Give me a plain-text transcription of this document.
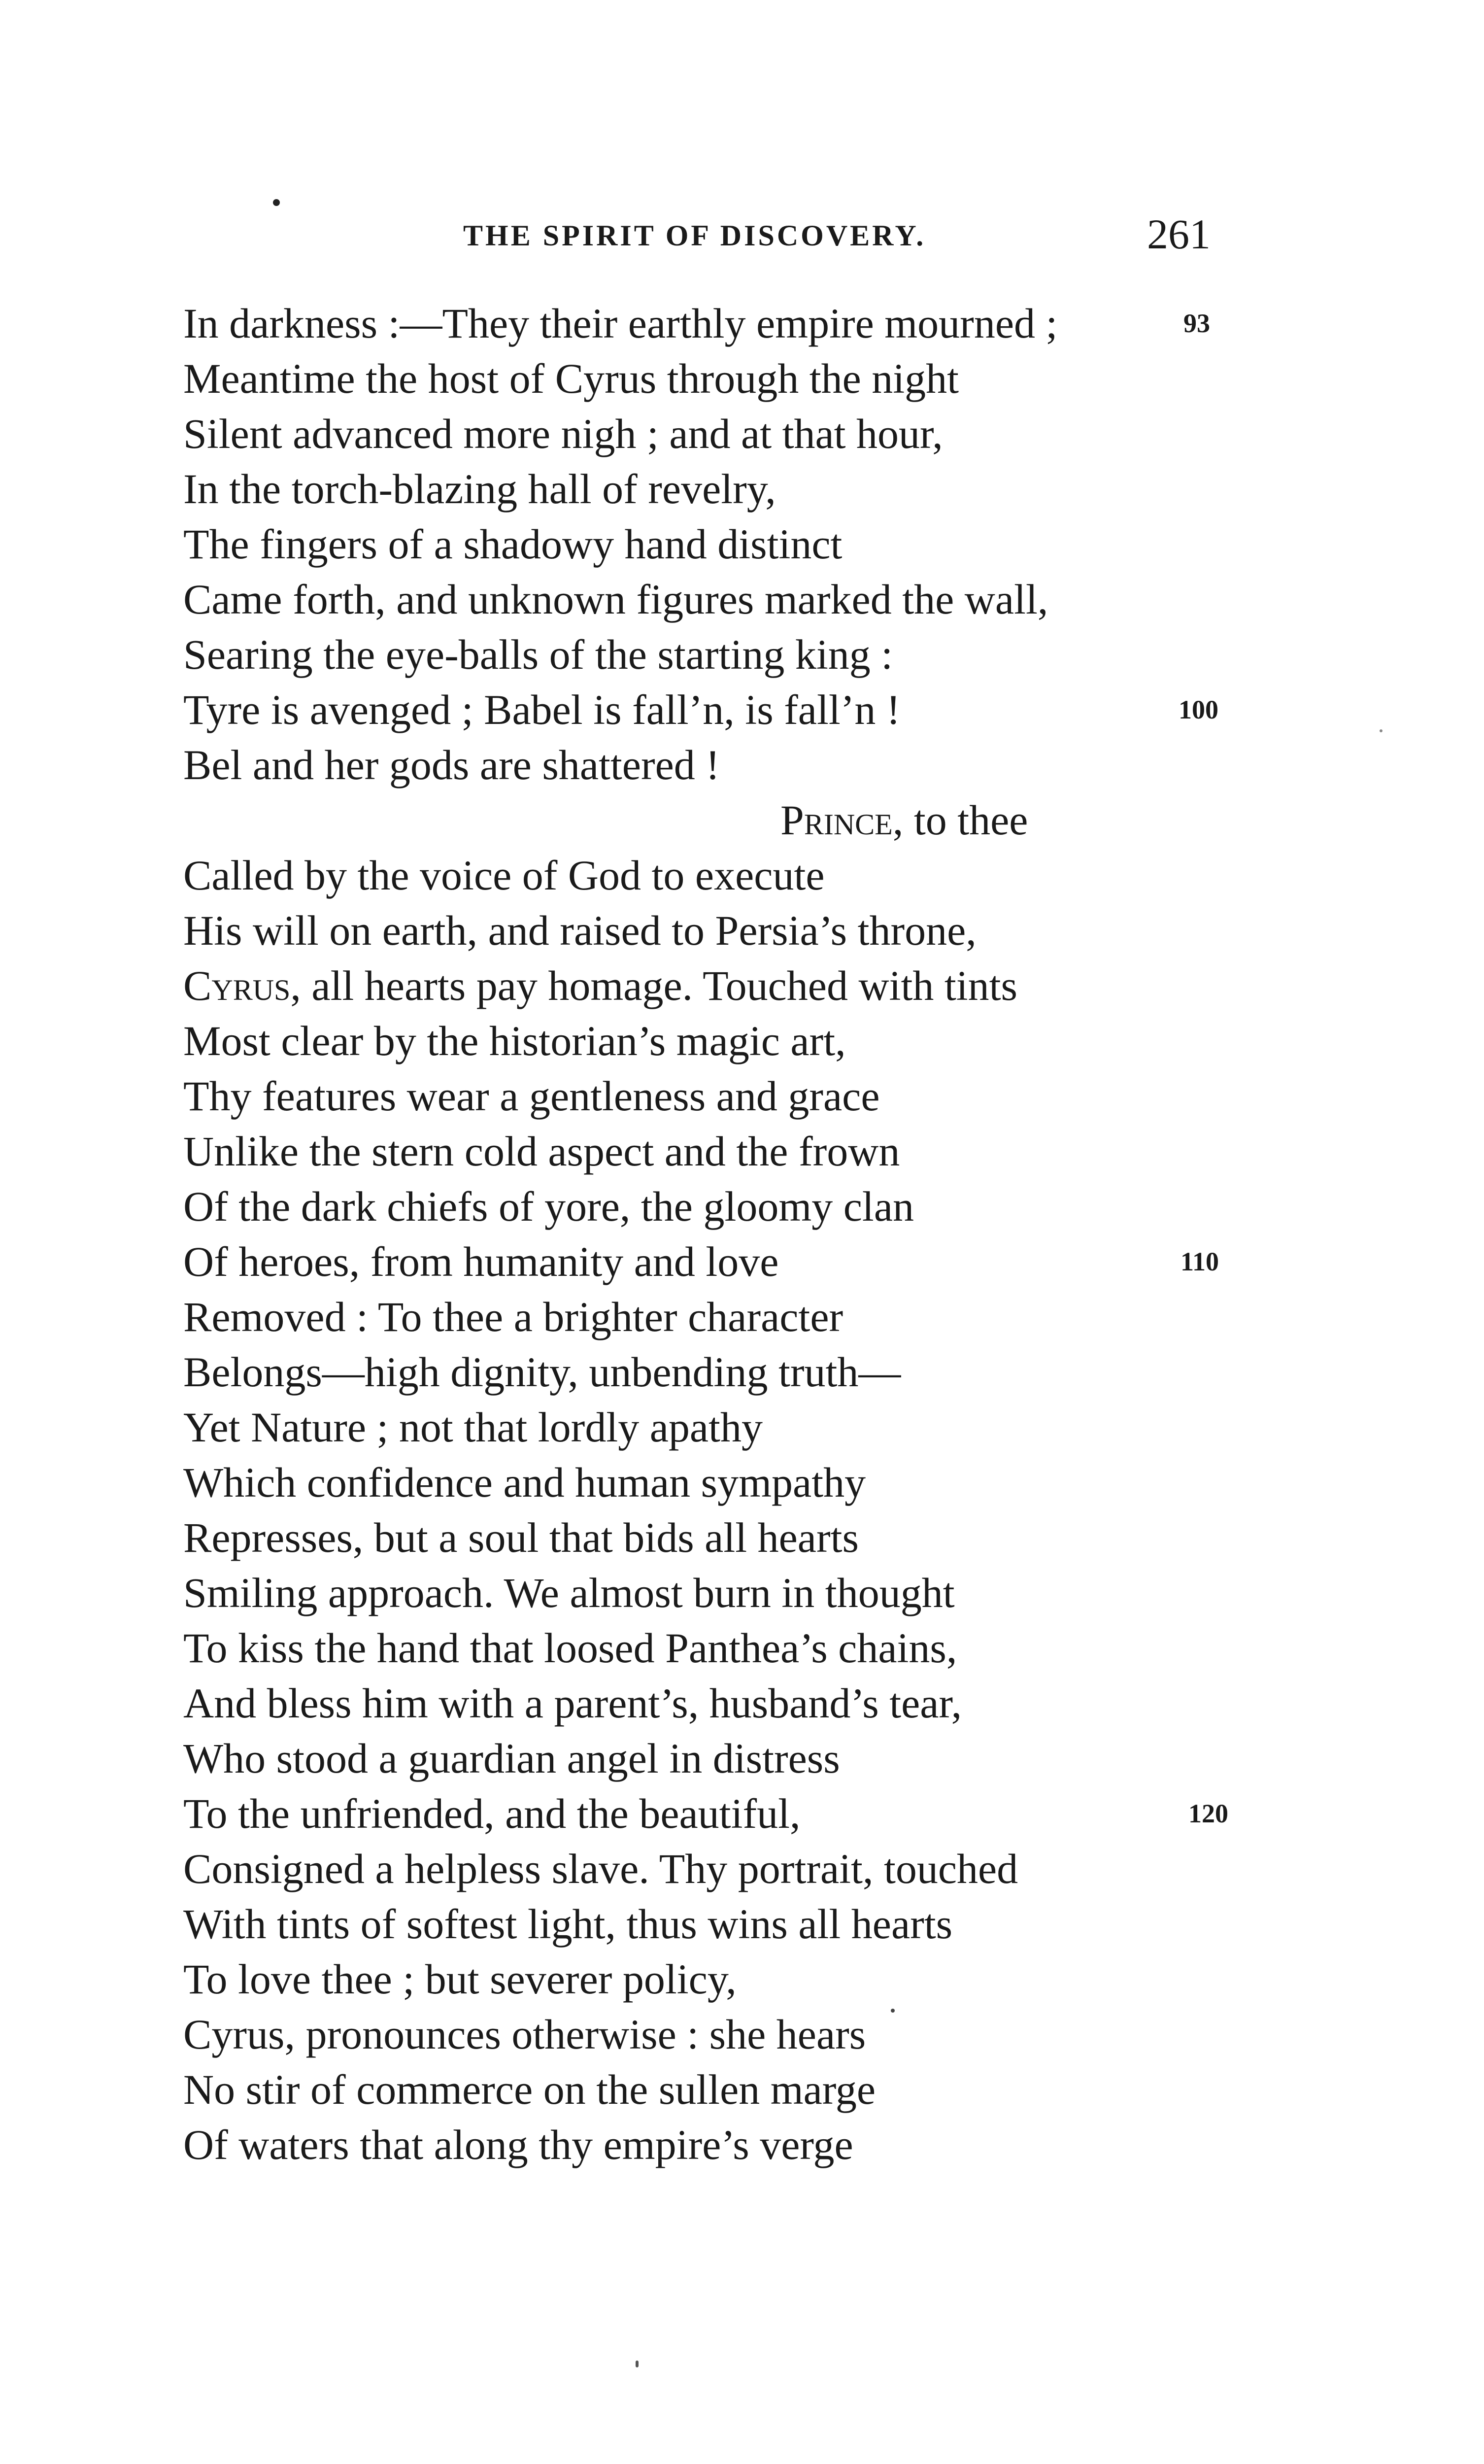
THE SPIRIT OF DISCOVERY.	261
In darkness :—They their earthly empire mourned ;	93
Meantime the host of Cyrus through the night
Silent advanced more nigh ; and at that hour,
In the torch-blazing hall of revelry,
The fingers of a shadowy hand distinct
Came forth, and unknown figures marked the wall,
Searing the eye-balls of the starting king :
Tyre is avenged ; Babel is fall’n, is fall’n !	100
Bel and her gods are shattered !
Prince, to thee
Called by the voice of God to execute
His will on earth, and raised to Persia’s throne,
Cyrus, all hearts pay homage. Touched with tints
Most clear by the historian’s magic art,
Thy features wear a gentleness and grace
Unlike the stern cold aspect and the frown
Of the dark chiefs of yore, the gloomy clan
Of heroes, from humanity and love	110
Removed : To thee a brighter character
Belongs—high dignity, unbending truth—
Yet Nature ; not that lordly apathy
Which confidence and human sympathy
Represses, but a soul that bids all hearts
Smiling approach. We almost burn in thought
To kiss the hand that loosed Panthea’s chains,
And bless him with a parent’s, husband’s tear,
Who stood a guardian angel in distress
To the unfriended, and the beautiful,	120
Consigned a helpless slave. Thy portrait, touched
With tints of softest light, thus wins all hearts
To love thee ; but severer policy,
Cyrus, pronounces otherwise : she hears
No stir of commerce on the sullen marge
Of waters that along thy empire’s verge
